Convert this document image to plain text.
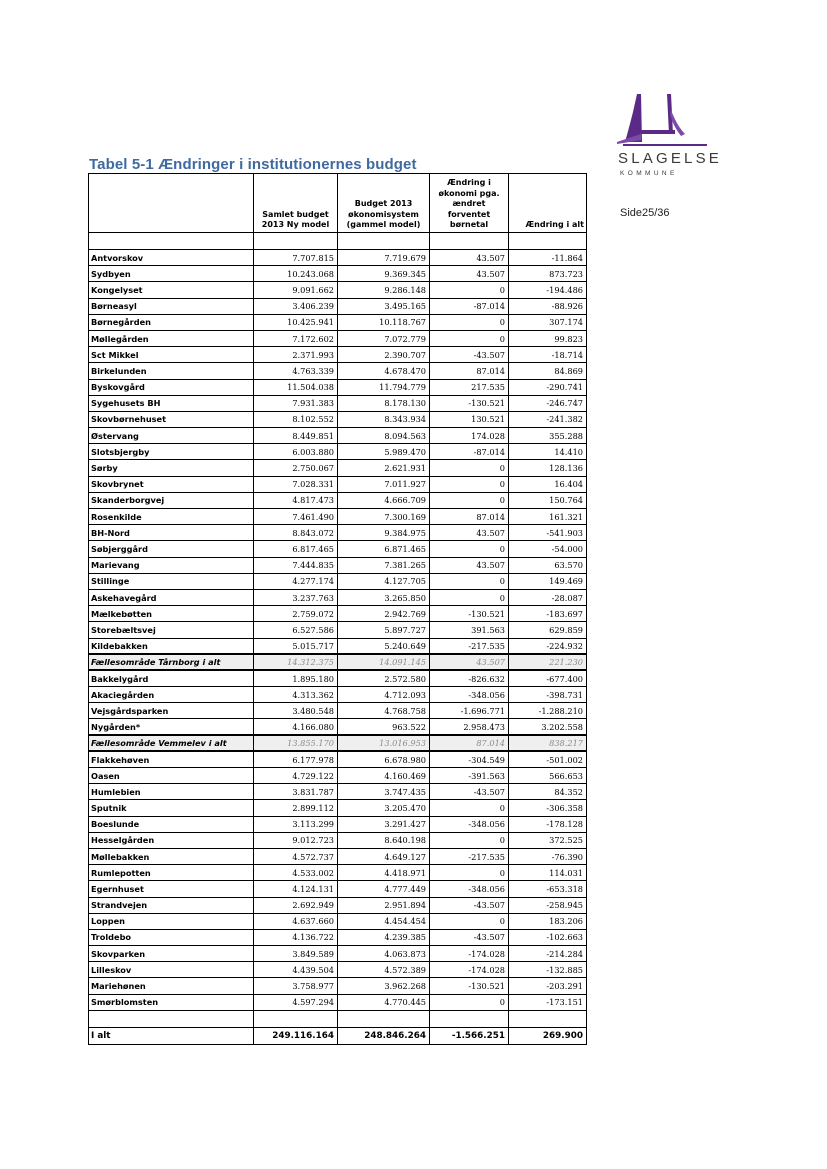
SLAGELSE
KOMMUNE
Tabel 5-1 Ændringer i institutionernes budget
Side25/36
	Samlet budget 2013 Ny model	Budget 2013 økonomisystem (gammel model)	Ændring i økonomi pga. ændret forventet børnetal	Ændring i alt

Antvorskov	7.707.815	7.719.679	43.507	-11.864
Sydbyen	10.243.068	9.369.345	43.507	873.723
Kongelyset	9.091.662	9.286.148	0	-194.486
Børneasyl	3.406.239	3.495.165	-87.014	-88.926
Børnegården	10.425.941	10.118.767	0	307.174
Møllegården	7.172.602	7.072.779	0	99.823
Sct Mikkel	2.371.993	2.390.707	-43.507	-18.714
Birkelunden	4.763.339	4.678.470	87.014	84.869
Byskovgård	11.504.038	11.794.779	217.535	-290.741
Sygehusets BH	7.931.383	8.178.130	-130.521	-246.747
Skovbørnehuset	8.102.552	8.343.934	130.521	-241.382
Østervang	8.449.851	8.094.563	174.028	355.288
Slotsbjergby	6.003.880	5.989.470	-87.014	14.410
Sørby	2.750.067	2.621.931	0	128.136
Skovbrynet	7.028.331	7.011.927	0	16.404
Skanderborgvej	4.817.473	4.666.709	0	150.764
Rosenkilde	7.461.490	7.300.169	87.014	161.321
BH-Nord	8.843.072	9.384.975	43.507	-541.903
Søbjerggård	6.817.465	6.871.465	0	-54.000
Marievang	7.444.835	7.381.265	43.507	63.570
Stillinge	4.277.174	4.127.705	0	149.469
Askehavegård	3.237.763	3.265.850	0	-28.087
Mælkebøtten	2.759.072	2.942.769	-130.521	-183.697
Storebæltsvej	6.527.586	5.897.727	391.563	629.859
Kildebakken	5.015.717	5.240.649	-217.535	-224.932
Fællesområde Tårnborg i alt	14.312.375	14.091.145	43.507	221.230
Bakkelygård	1.895.180	2.572.580	-826.632	-677.400
Akaciegården	4.313.362	4.712.093	-348.056	-398.731
Vejsgårdsparken	3.480.548	4.768.758	-1.696.771	-1.288.210
Nygården*	4.166.080	963.522	2.958.473	3.202.558
Fællesområde Vemmelev i alt	13.855.170	13.016.953	87.014	838.217
Flakkehøven	6.177.978	6.678.980	-304.549	-501.002
Oasen	4.729.122	4.160.469	-391.563	566.653
Humlebien	3.831.787	3.747.435	-43.507	84.352
Sputnik	2.899.112	3.205.470	0	-306.358
Boeslunde	3.113.299	3.291.427	-348.056	-178.128
Hesselgården	9.012.723	8.640.198	0	372.525
Møllebakken	4.572.737	4.649.127	-217.535	-76.390
Rumlepotten	4.533.002	4.418.971	0	114.031
Egernhuset	4.124.131	4.777.449	-348.056	-653.318
Strandvejen	2.692.949	2.951.894	-43.507	-258.945
Loppen	4.637.660	4.454.454	0	183.206
Troldebo	4.136.722	4.239.385	-43.507	-102.663
Skovparken	3.849.589	4.063.873	-174.028	-214.284
Lilleskov	4.439.504	4.572.389	-174.028	-132.885
Mariehønen	3.758.977	3.962.268	-130.521	-203.291
Smørblomsten	4.597.294	4.770.445	0	-173.151

I alt	249.116.164	248.846.264	-1.566.251	269.900
